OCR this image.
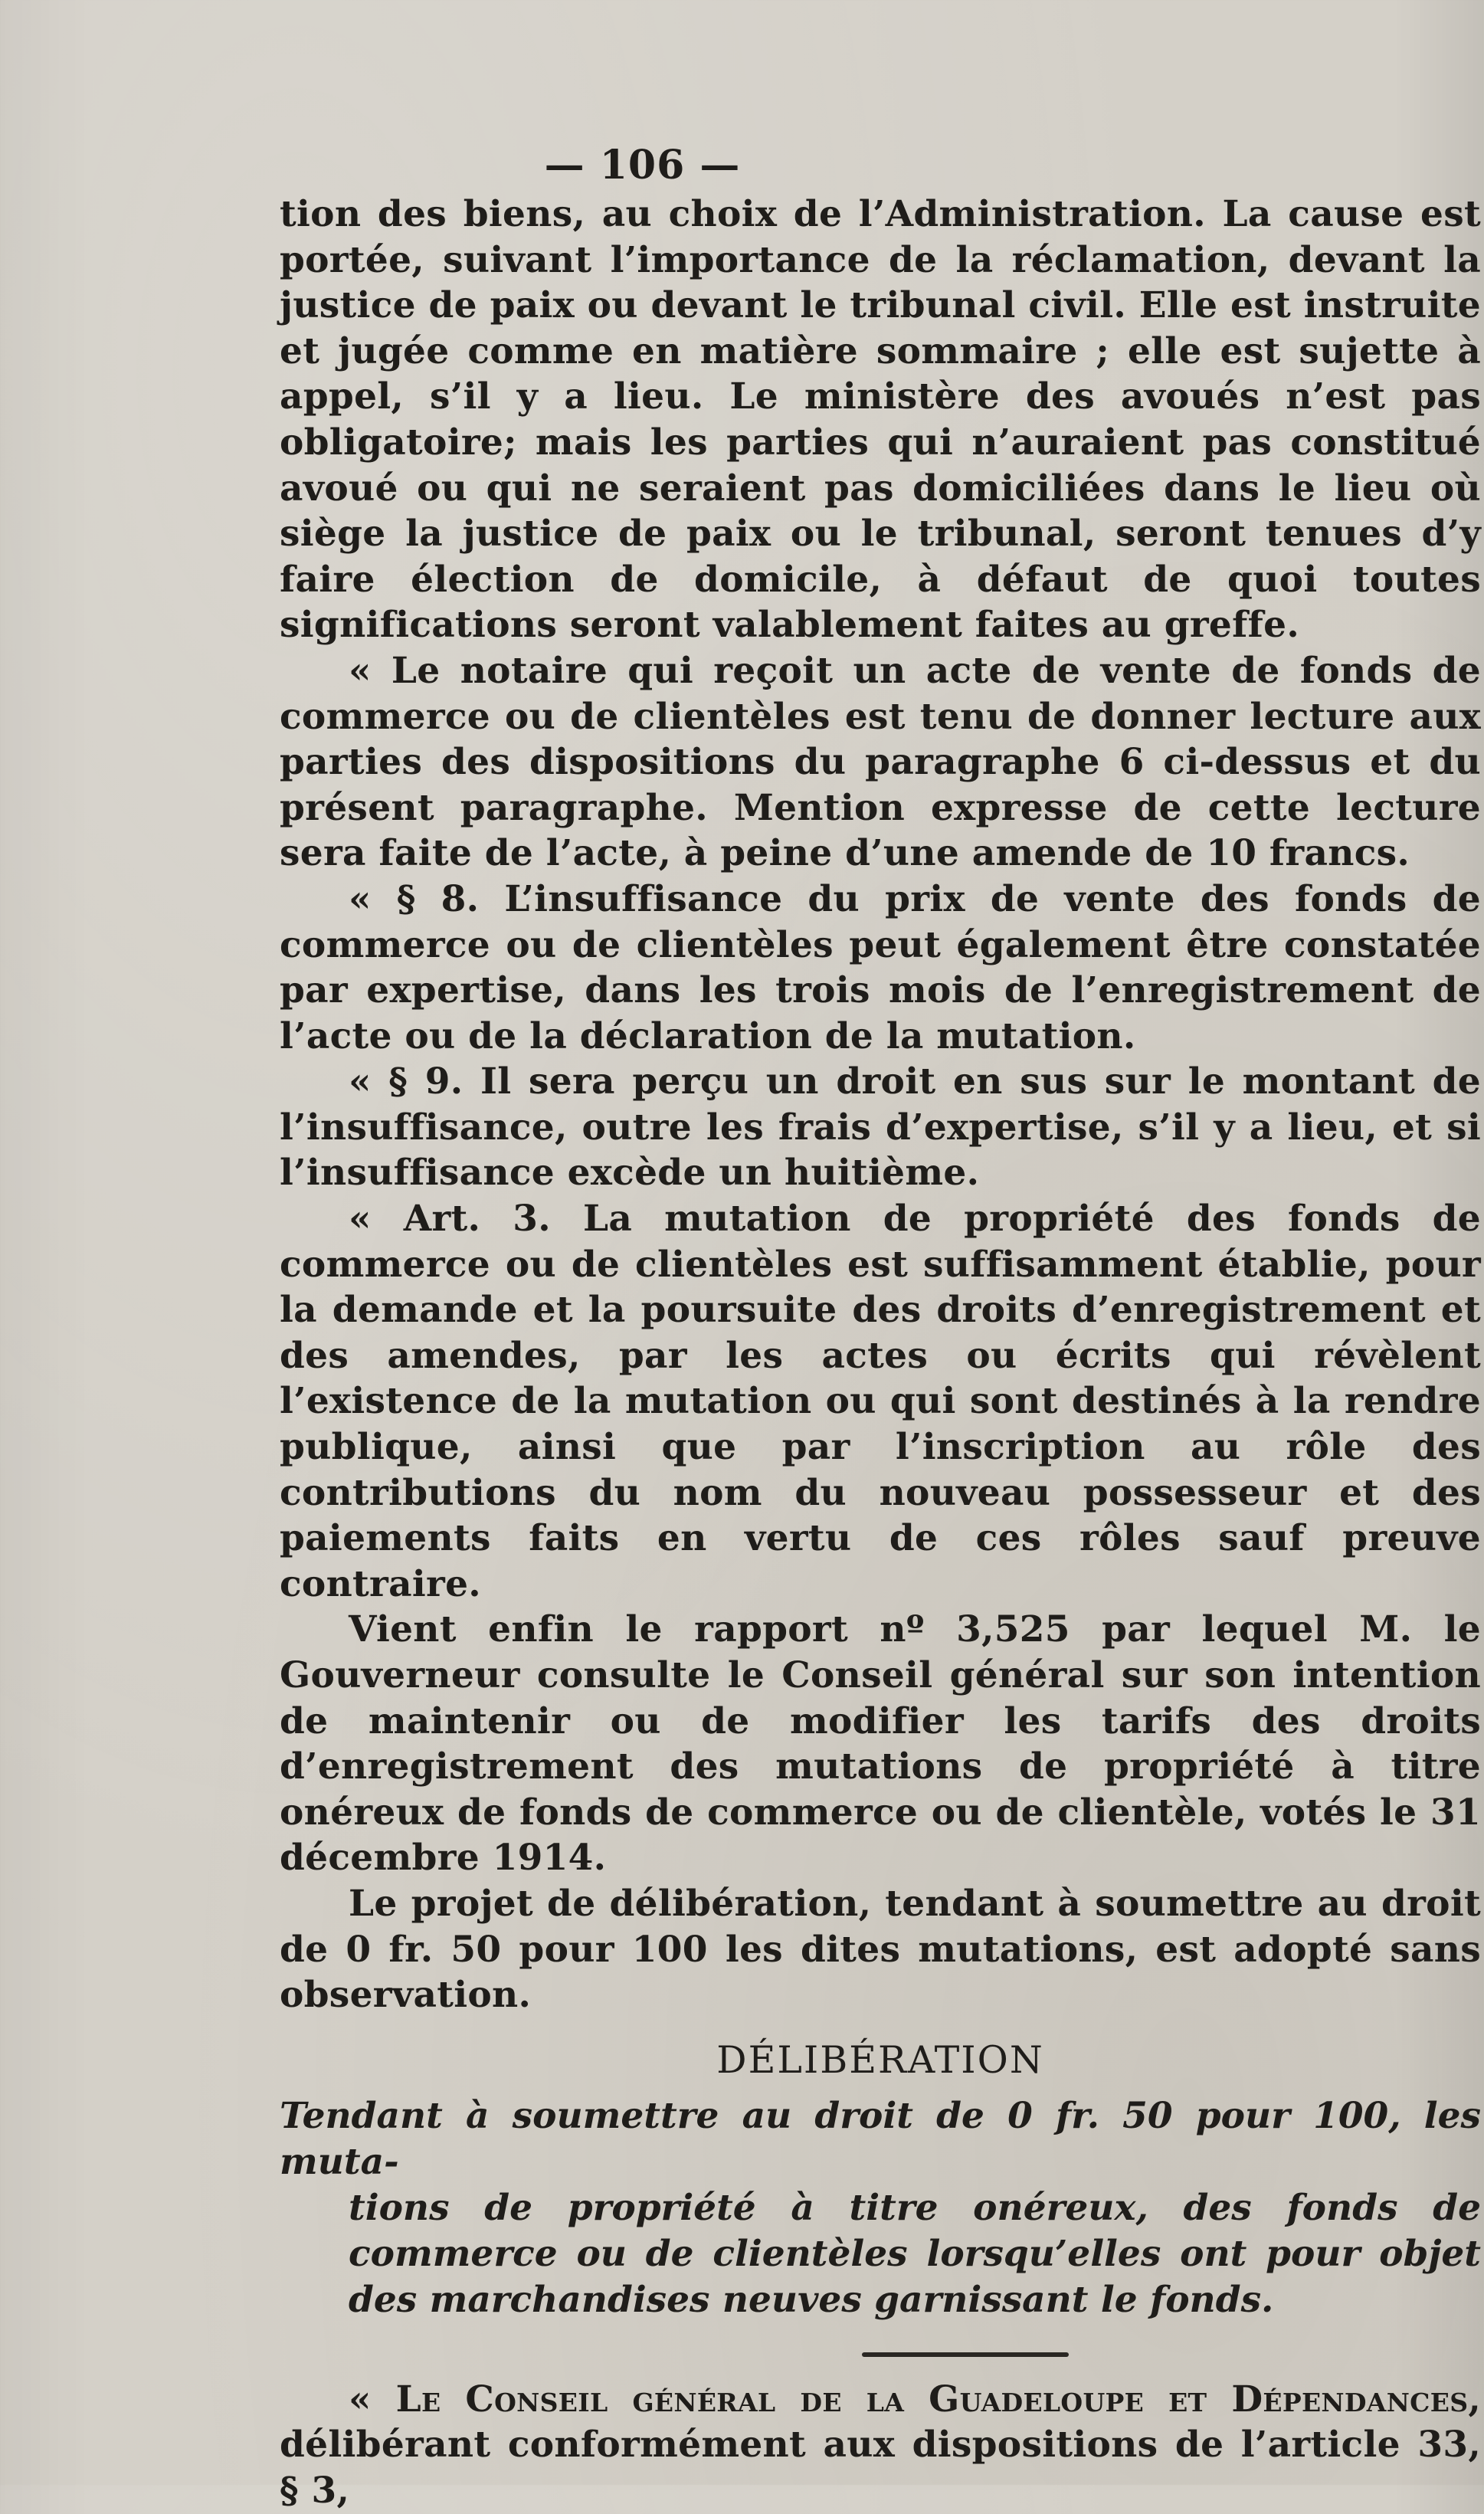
— 106 —

tion des biens, au choix de l’Administration. La cause est portée, suivant l’importance de la réclamation, devant la justice de paix ou devant le tribunal civil. Elle est instruite et jugée comme en matière sommaire ; elle est sujette à appel, s’il y a lieu. Le ministère des avoués n’est pas obligatoire; mais les parties qui n’auraient pas constitué avoué ou qui ne seraient pas domiciliées dans le lieu où siège la justice de paix ou le tribunal, seront tenues d’y faire élection de domicile, à défaut de quoi toutes significations seront valablement faites au greffe.

« Le notaire qui reçoit un acte de vente de fonds de commerce ou de clientèles est tenu de donner lecture aux parties des dispositions du paragraphe 6 ci-dessus et du présent paragraphe. Mention expresse de cette lecture sera faite de l’acte, à peine d’une amende de 10 francs.

« § 8. L’insuffisance du prix de vente des fonds de commerce ou de clientèles peut également être constatée par expertise, dans les trois mois de l’enregistrement de l’acte ou de la déclaration de la mutation.

« § 9. Il sera perçu un droit en sus sur le montant de l’insuffisance, outre les frais d’expertise, s’il y a lieu, et si l’insuffisance excède un huitième.

« Art. 3. La mutation de propriété des fonds de commerce ou de clientèles est suffisamment établie, pour la demande et la poursuite des droits d’enregistrement et des amendes, par les actes ou écrits qui révèlent l’existence de la mutation ou qui sont destinés à la rendre publique, ainsi que par l’inscription au rôle des contributions du nom du nouveau possesseur et des paiements faits en vertu de ces rôles sauf preuve contraire.

Vient enfin le rapport nº 3,525 par lequel M. le Gouverneur consulte le Conseil général sur son intention de maintenir ou de modifier les tarifs des droits d’enregistrement des mutations de propriété à titre onéreux de fonds de commerce ou de clientèle, votés le 31 décembre 1914.

Le projet de délibération, tendant à soumettre au droit de 0 fr. 50 pour 100 les dites mutations, est adopté sans observation.

DÉLIBÉRATION
Tendant à soumettre au droit de 0 fr. 50 pour 100, les muta-
tions de propriété à titre onéreux, des fonds de commerce ou de clientèles lorsqu’elles ont pour objet des marchandises neuves garnissant le fonds.

« Le Conseil général de la Guadeloupe et Dépendances, délibérant conformément aux dispositions de l’article 33, § 3,
